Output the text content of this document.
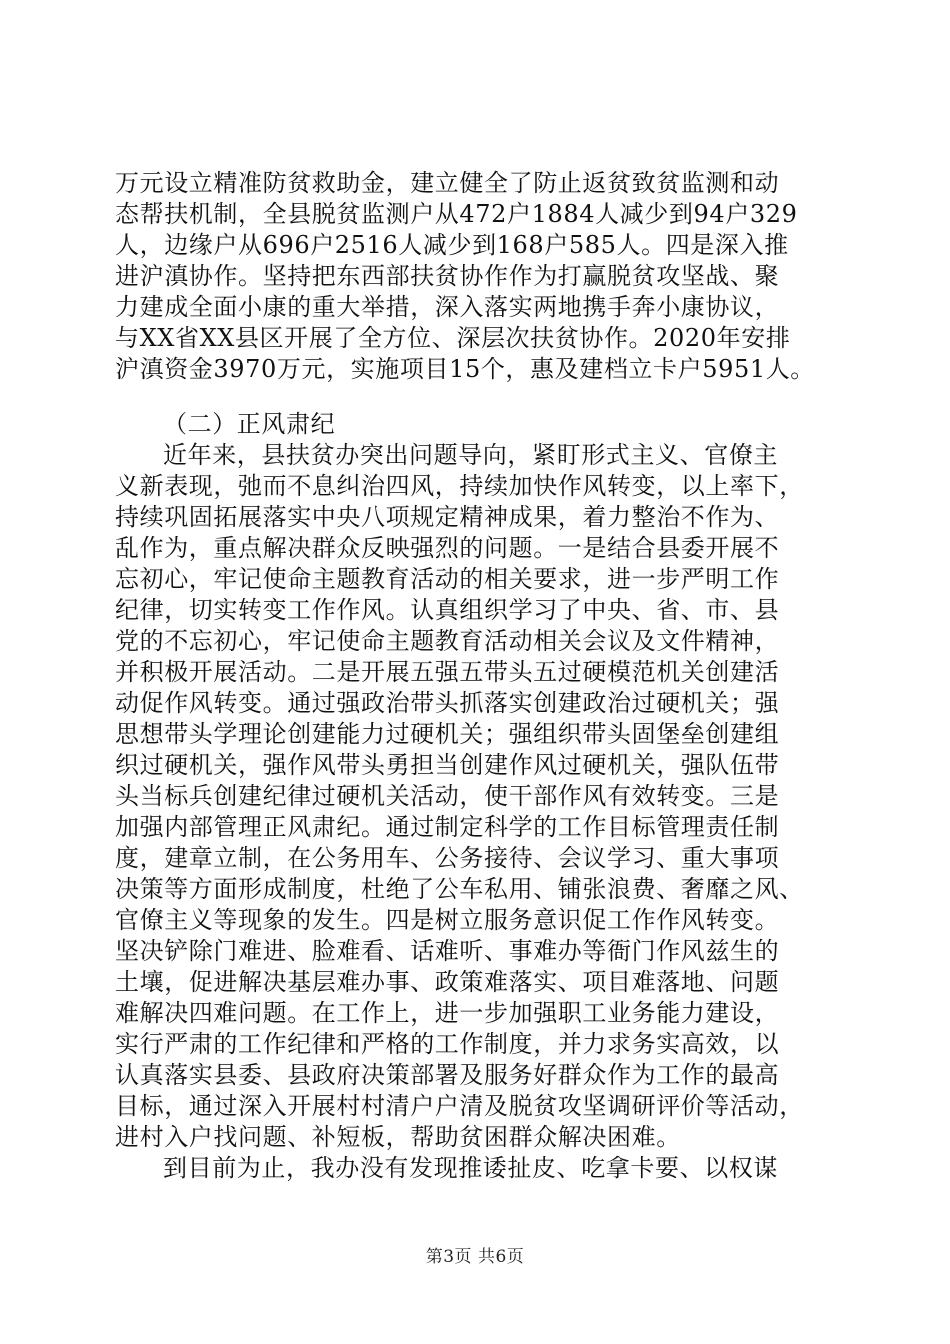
万元设立精准防贫救助金，建立健全了防止返贫致贫监测和动
态帮扶机制，全县脱贫监测户从472户1884人减少到94户329
人，边缘户从696户2516人减少到168户585人。四是深入推
进沪滇协作。坚持把东西部扶贫协作作为打赢脱贫攻坚战、聚
力建成全面小康的重大举措，深入落实两地携手奔小康协议，
与XX省XX县区开展了全方位、深层次扶贫协作。2020年安排
沪滇资金3970万元，实施项目15个，惠及建档立卡户5951人。
（二）正风肃纪
近年来，县扶贫办突出问题导向，紧盯形式主义、官僚主
义新表现，弛而不息纠治四风，持续加快作风转变，以上率下，
持续巩固拓展落实中央八项规定精神成果，着力整治不作为、
乱作为，重点解决群众反映强烈的问题。一是结合县委开展不
忘初心，牢记使命主题教育活动的相关要求，进一步严明工作
纪律，切实转变工作作风。认真组织学习了中央、省、市、县
党的不忘初心，牢记使命主题教育活动相关会议及文件精神，
并积极开展活动。二是开展五强五带头五过硬模范机关创建活
动促作风转变。通过强政治带头抓落实创建政治过硬机关；强
思想带头学理论创建能力过硬机关；强组织带头固堡垒创建组
织过硬机关，强作风带头勇担当创建作风过硬机关，强队伍带
头当标兵创建纪律过硬机关活动，使干部作风有效转变。三是
加强内部管理正风肃纪。通过制定科学的工作目标管理责任制
度，建章立制，在公务用车、公务接待、会议学习、重大事项
决策等方面形成制度，杜绝了公车私用、铺张浪费、奢靡之风、
官僚主义等现象的发生。四是树立服务意识促工作作风转变。
坚决铲除门难进、脸难看、话难听、事难办等衙门作风兹生的
土壤，促进解决基层难办事、政策难落实、项目难落地、问题
难解决四难问题。在工作上，进一步加强职工业务能力建设，
实行严肃的工作纪律和严格的工作制度，并力求务实高效，以
认真落实县委、县政府决策部署及服务好群众作为工作的最高
目标，通过深入开展村村清户户清及脱贫攻坚调研评价等活动，
进村入户找问题、补短板，帮助贫困群众解决困难。
到目前为止，我办没有发现推诿扯皮、吃拿卡要、以权谋
第3页 共6页
